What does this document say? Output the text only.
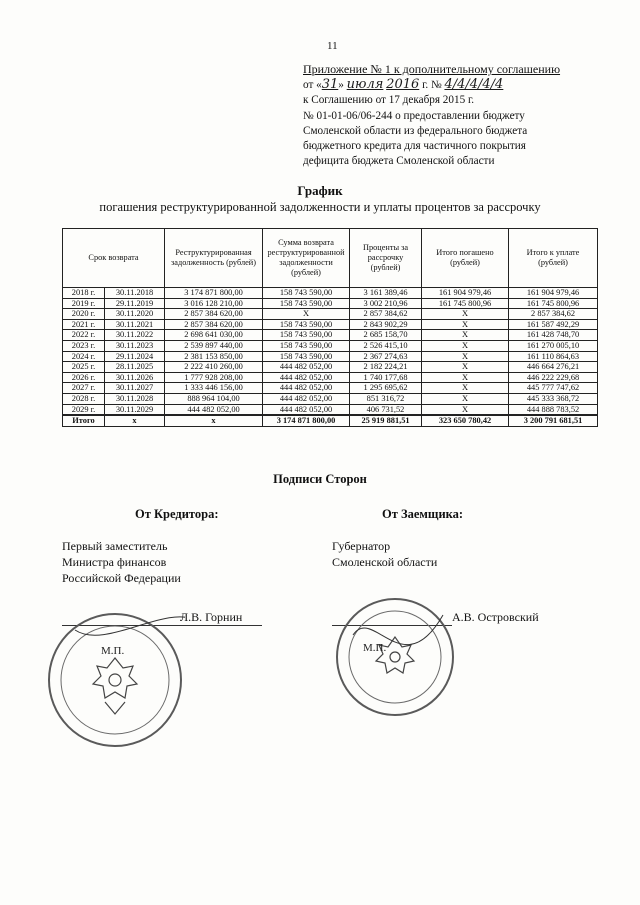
11
Приложение № 1 к дополнительному соглашению
от «31» июля 2016 г. № 4/4/4/4/4
к Соглашению от 17 декабря 2015 г.
№ 01-01-06/06-244 о предоставлении бюджету
Смоленской области из федерального бюджета
бюджетного кредита для частичного покрытия
дефицита бюджета Смоленской области
График
погашения реструктурированной задолженности и уплаты процентов за рассрочку
Срок возврата		Реструктурированная задолженность (рублей)	Сумма возврата реструктурированной задолженности (рублей)	Проценты за рассрочку (рублей)	Итого погашено (рублей)	Итого к уплате (рублей)
2018 г.	30.11.2018	3 174 871 800,00	158 743 590,00	3 161 389,46	161 904 979,46	161 904 979,46
2019 г.	29.11.2019	3 016 128 210,00	158 743 590,00	3 002 210,96	161 745 800,96	161 745 800,96
2020 г.	30.11.2020	2 857 384 620,00	X	2 857 384,62	X	2 857 384,62
2021 г.	30.11.2021	2 857 384 620,00	158 743 590,00	2 843 902,29	X	161 587 492,29
2022 г.	30.11.2022	2 698 641 030,00	158 743 590,00	2 685 158,70	X	161 428 748,70
2023 г.	30.11.2023	2 539 897 440,00	158 743 590,00	2 526 415,10	X	161 270 005,10
2024 г.	29.11.2024	2 381 153 850,00	158 743 590,00	2 367 274,63	X	161 110 864,63
2025 г.	28.11.2025	2 222 410 260,00	444 482 052,00	2 182 224,21	X	446 664 276,21
2026 г.	30.11.2026	1 777 928 208,00	444 482 052,00	1 740 177,68	X	446 222 229,68
2027 г.	30.11.2027	1 333 446 156,00	444 482 052,00	1 295 695,62	X	445 777 747,62
2028 г.	30.11.2028	888 964 104,00	444 482 052,00	851 316,72	X	445 333 368,72
2029 г.	30.11.2029	444 482 052,00	444 482 052,00	406 731,52	X	444 888 783,52
Итого	x	x	3 174 871 800,00	25 919 881,51	323 650 780,42	3 200 791 681,51
Подписи Сторон
От Кредитора:	От Заемщика:
Первый заместитель
Министра финансов
Российской Федерации
Губернатор
Смоленской области
Л.В. Горнин	А.В. Островский
М.П.	М.П.
